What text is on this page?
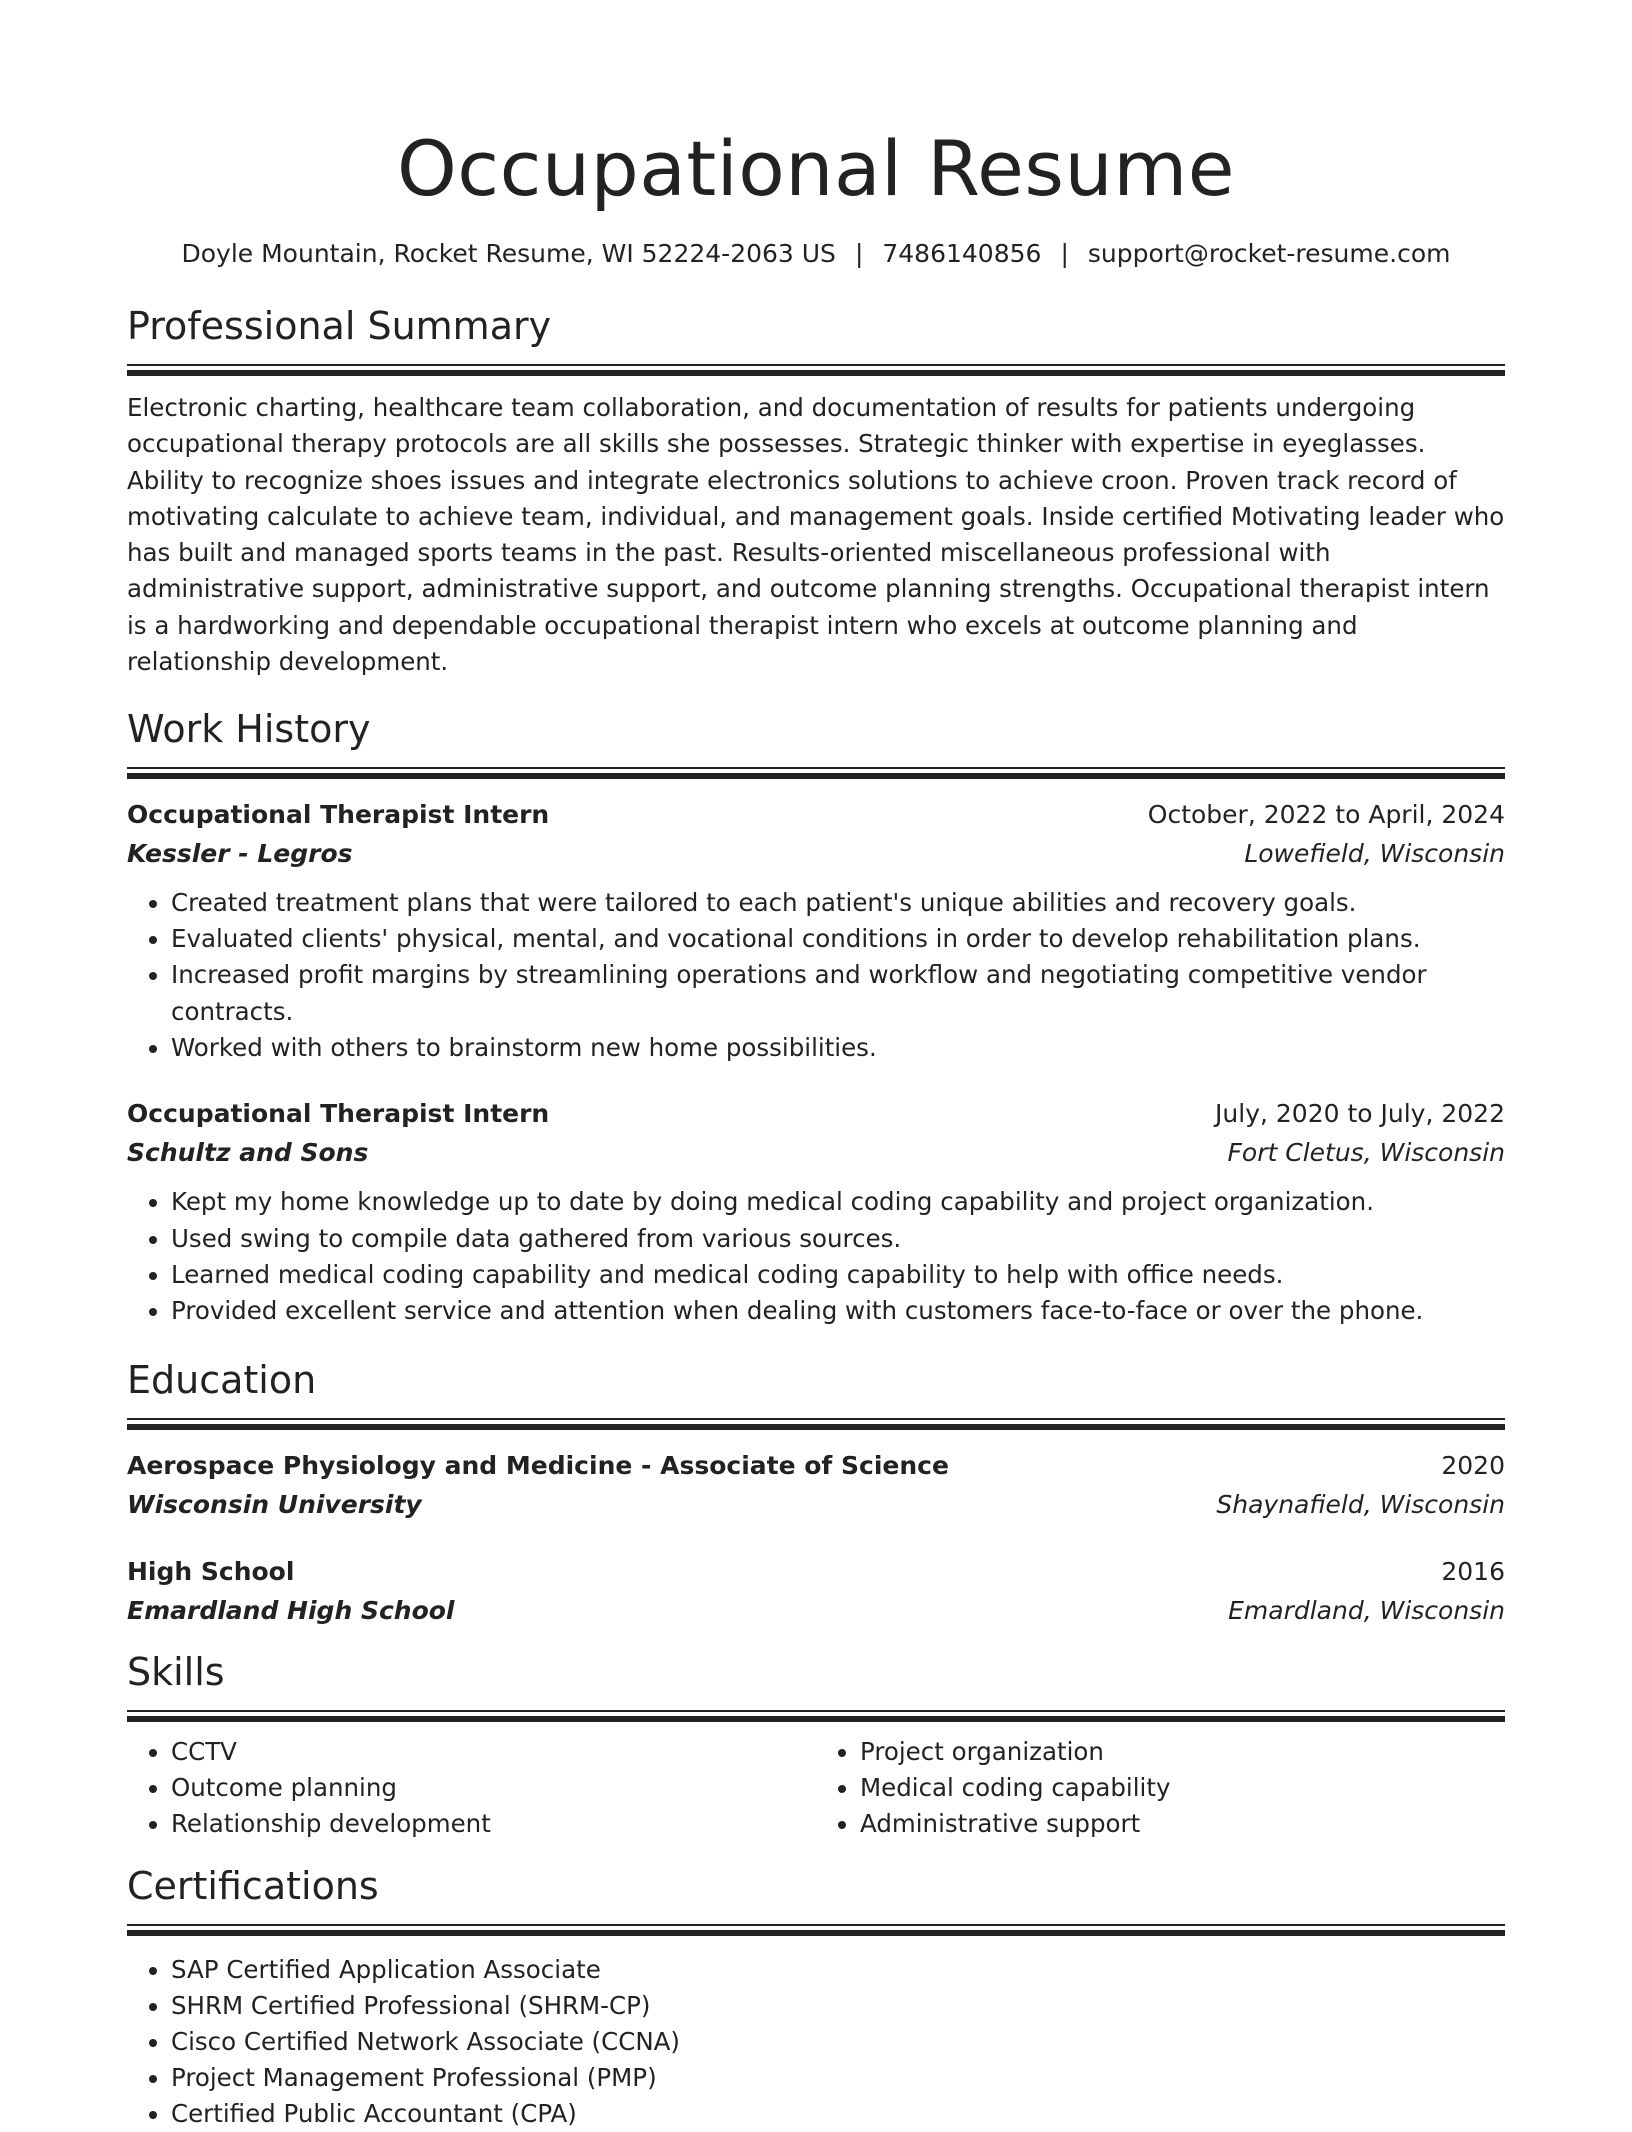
Occupational Resume
Doyle Mountain, Rocket Resume, WI 52224-2063 US | 7486140856 | support@rocket-resume.com
Professional Summary

Electronic charting, healthcare team collaboration, and documentation of results for patients undergoing occupational therapy protocols are all skills she possesses. Strategic thinker with expertise in eyeglasses. Ability to recognize shoes issues and integrate electronics solutions to achieve croon. Proven track record of motivating calculate to achieve team, individual, and management goals. Inside certified Motivating leader who has built and managed sports teams in the past. Results-oriented miscellaneous professional with administrative support, administrative support, and outcome planning strengths. Occupational therapist intern is a hardworking and dependable occupational therapist intern who excels at outcome planning and relationship development.

Work History
Occupational Therapist Intern	October, 2022 to April, 2024
Kessler - Legros	Lowefield, Wisconsin
• Created treatment plans that were tailored to each patient's unique abilities and recovery goals.
• Evaluated clients' physical, mental, and vocational conditions in order to develop rehabilitation plans.
• Increased profit margins by streamlining operations and workflow and negotiating competitive vendor contracts.
• Worked with others to brainstorm new home possibilities.
Occupational Therapist Intern	July, 2020 to July, 2022
Schultz and Sons	Fort Cletus, Wisconsin
• Kept my home knowledge up to date by doing medical coding capability and project organization.
• Used swing to compile data gathered from various sources.
• Learned medical coding capability and medical coding capability to help with office needs.
• Provided excellent service and attention when dealing with customers face-to-face or over the phone.
Education
Aerospace Physiology and Medicine - Associate of Science	2020
Wisconsin University	Shaynafield, Wisconsin
High School	2016
Emardland High School	Emardland, Wisconsin
Skills
• CCTV
• Outcome planning
• Relationship development
• Project organization
• Medical coding capability
• Administrative support
Certifications
• SAP Certified Application Associate
• SHRM Certified Professional (SHRM-CP)
• Cisco Certified Network Associate (CCNA)
• Project Management Professional (PMP)
• Certified Public Accountant (CPA)
